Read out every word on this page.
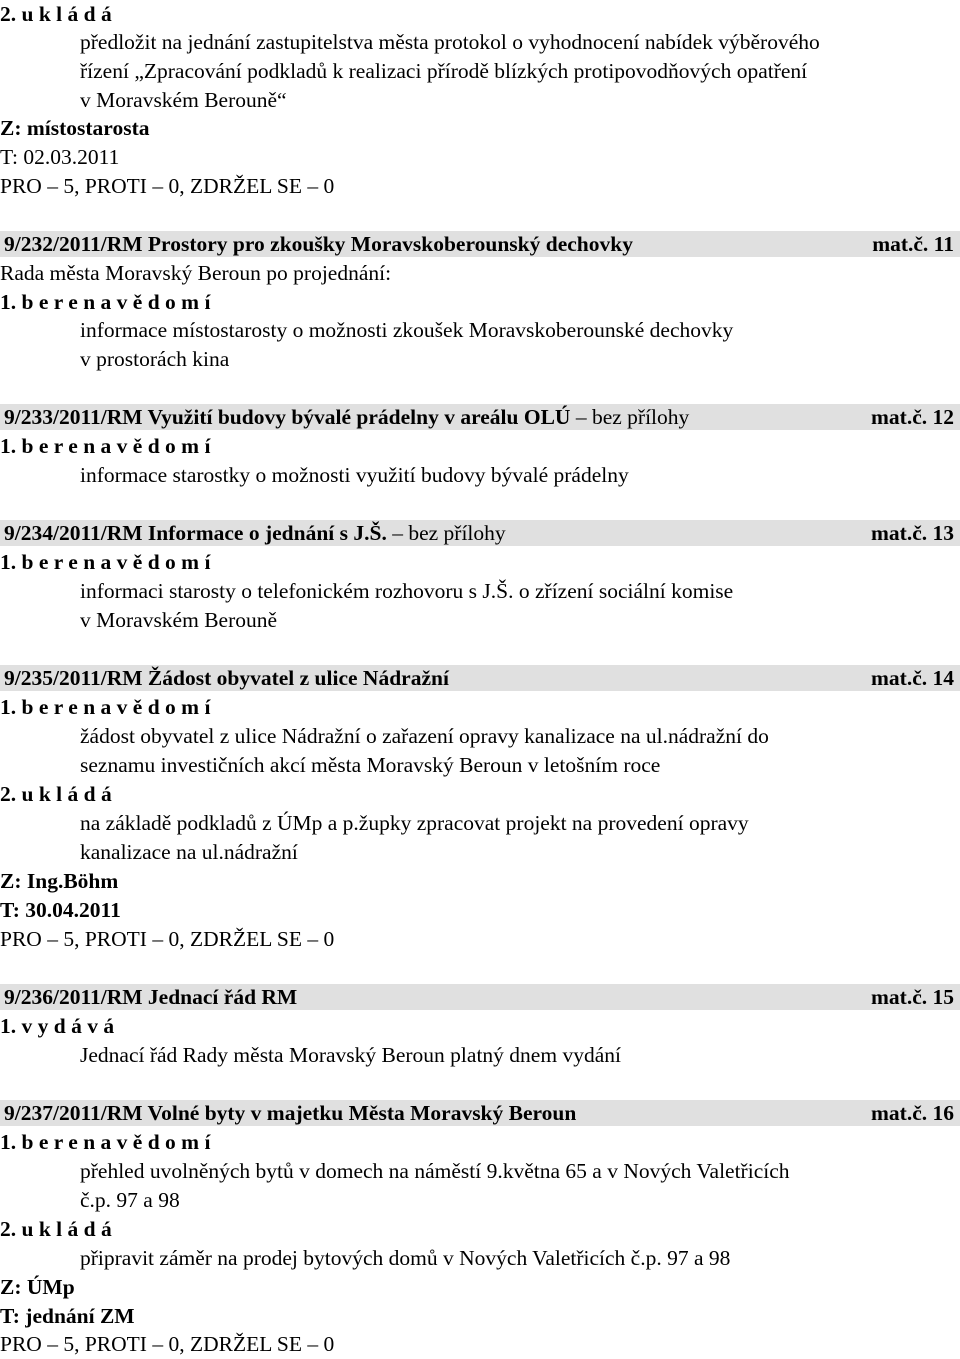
2. u k l á d á
předložit na jednání zastupitelstva města protokol o vyhodnocení nabídek výběrového
řízení „Zpracování podkladů k realizaci přírodě blízkých protipovodňových opatření
v Moravském Berouně“
Z: místostarosta
T: 02.03.2011
PRO – 5, PROTI – 0, ZDRŽEL SE – 0
9/232/2011/RM Prostory pro zkoušky Moravskoberounský dechovky	mat.č. 11
Rada města Moravský Beroun po projednání:
1. b e r e n a v ě d o m í
informace místostarosty o možnosti zkoušek Moravskoberounské dechovky
v prostorách kina
9/233/2011/RM Využití budovy bývalé prádelny v areálu OLÚ – bez přílohy	mat.č. 12
1. b e r e n a v ě d o m í
informace starostky o možnosti využití budovy bývalé prádelny
9/234/2011/RM Informace o jednání s J.Š. – bez přílohy	mat.č. 13
1. b e r e n a v ě d o m í
informaci starosty o telefonickém rozhovoru s J.Š. o zřízení sociální komise
v Moravském Berouně
9/235/2011/RM Žádost obyvatel z ulice Nádražní	mat.č. 14
1. b e r e n a v ě d o m í
žádost obyvatel z ulice Nádražní o zařazení opravy kanalizace na ul.nádražní do
seznamu investičních akcí města Moravský Beroun v letošním roce
2. u k l á d á
na základě podkladů z ÚMp a p.župky zpracovat projekt na provedení opravy
kanalizace na ul.nádražní
Z: Ing.Böhm
T: 30.04.2011
PRO – 5, PROTI – 0, ZDRŽEL SE – 0
9/236/2011/RM Jednací řád RM	mat.č. 15
1. v y d á v á
Jednací řád Rady města Moravský Beroun platný dnem vydání
9/237/2011/RM Volné byty v majetku Města Moravský Beroun	mat.č. 16
1. b e r e n a v ě d o m í
přehled uvolněných bytů v domech na náměstí 9.května 65 a v Nových Valetřicích
č.p. 97 a 98
2. u k l á d á
připravit záměr na prodej bytových domů v Nových Valetřicích č.p. 97 a 98
Z: ÚMp
T: jednání ZM
PRO – 5, PROTI – 0, ZDRŽEL SE – 0
